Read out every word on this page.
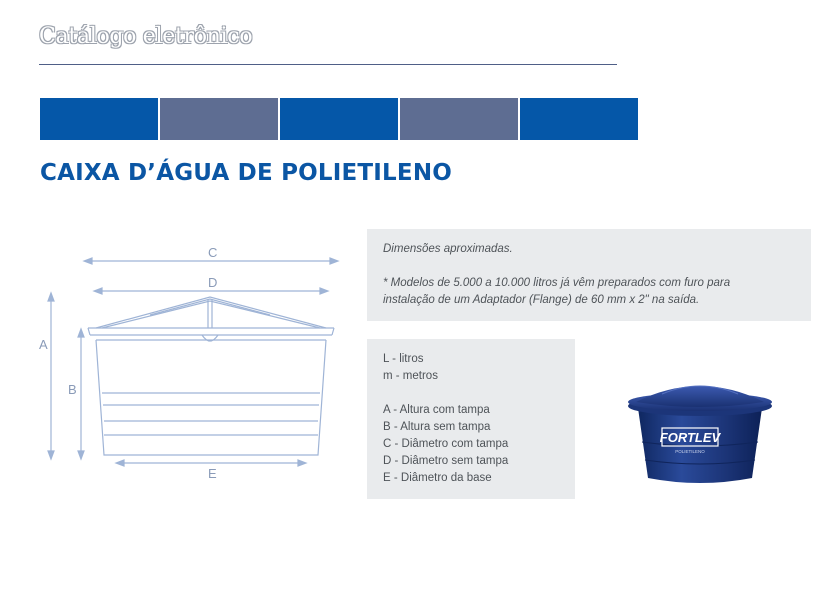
Catálogo eletrônico
CAIXA D’ÁGUA DE POLIETILENO
C
D
A
B
E

Dimensões aproximadas.

* Modelos de 5.000 a 10.000 litros já vêm preparados com furo para

instalação de um Adaptador (Flange) de 60 mm x 2" na saída.

L - litros
m - metros
A - Altura com tampa
B - Altura sem tampa
C - Diâmetro com tampa
D - Diâmetro sem tampa
E - Diâmetro da base
FORTLEV
POLIETILENO
